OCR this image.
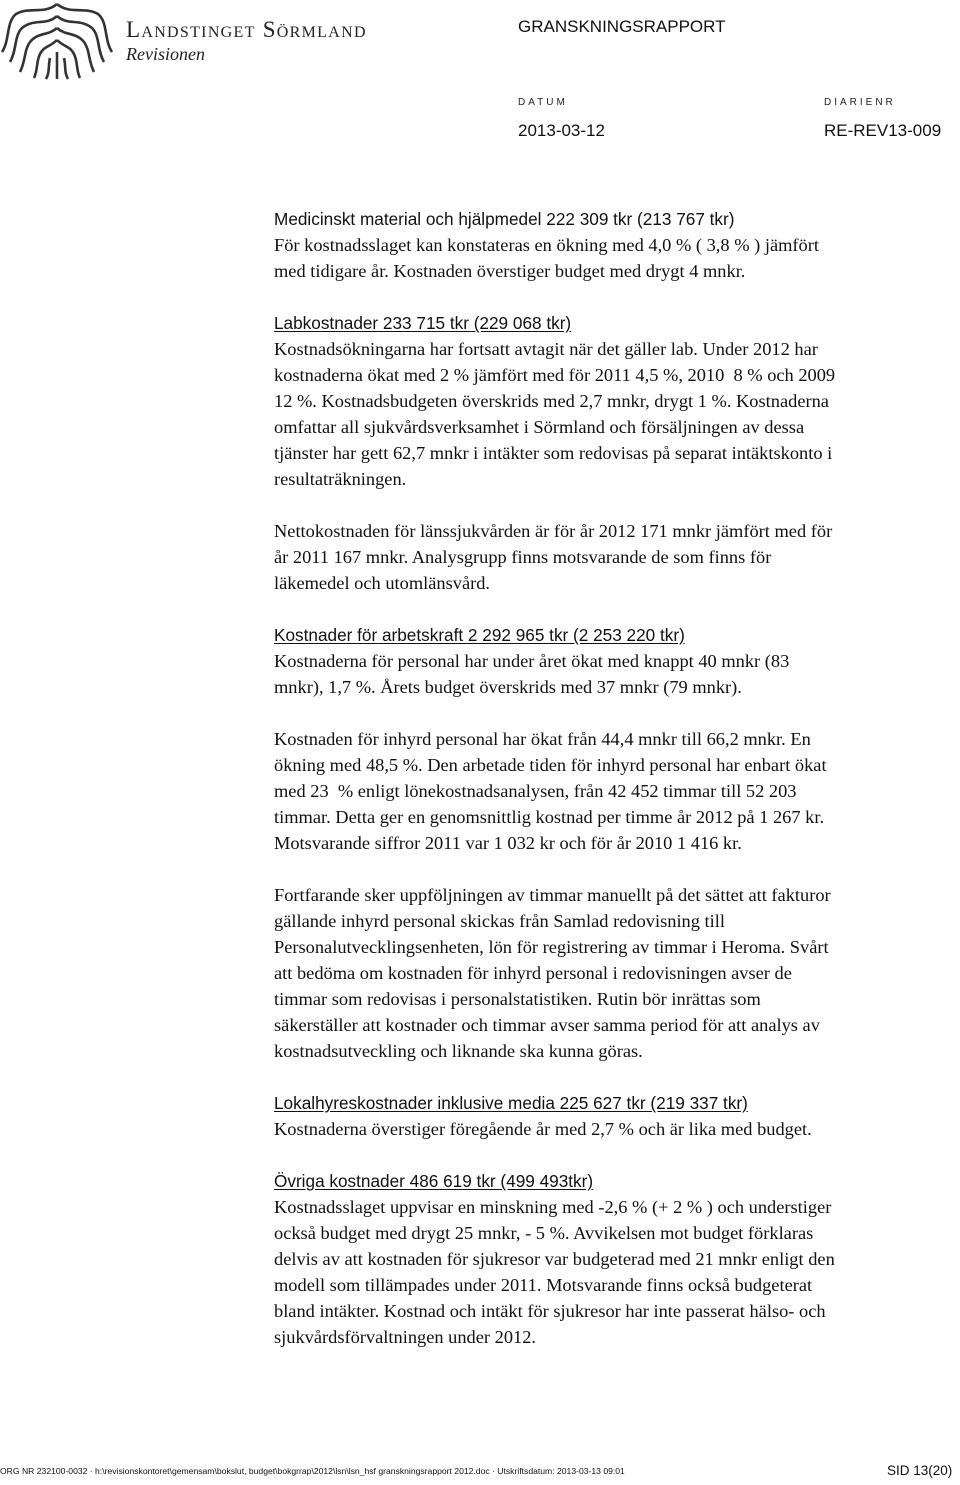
Landstinget Sörmland
Revisionen
GRANSKNINGSRAPPORT
DATUM	DIARIENR
2013-03-12	RE-REV13-009
Medicinskt material och hjälpmedel 222 309 tkr (213 767 tkr)

För kostnadsslaget kan konstateras en ökning med 4,0 % ( 3,8 % ) jämfört

med tidigare år. Kostnaden överstiger budget med drygt 4 mnkr.

Labkostnader 233 715 tkr (229 068 tkr)

Kostnadsökningarna har fortsatt avtagit när det gäller lab. Under 2012 har

kostnaderna ökat med 2 % jämfört med för 2011 4,5 %, 2010  8 % och 2009

12 %. Kostnadsbudgeten överskrids med 2,7 mnkr, drygt 1 %. Kostnaderna

omfattar all sjukvårdsverksamhet i Sörmland och försäljningen av dessa

tjänster har gett 62,7 mnkr i intäkter som redovisas på separat intäktskonto i

resultaträkningen.

Nettokostnaden för länssjukvården är för år 2012 171 mnkr jämfört med för

år 2011 167 mnkr. Analysgrupp finns motsvarande de som finns för

läkemedel och utomlänsvård.

Kostnader för arbetskraft 2 292 965 tkr (2 253 220 tkr)

Kostnaderna för personal har under året ökat med knappt 40 mnkr (83

mnkr), 1,7 %. Årets budget överskrids med 37 mnkr (79 mnkr).

Kostnaden för inhyrd personal har ökat från 44,4 mnkr till 66,2 mnkr. En

ökning med 48,5 %. Den arbetade tiden för inhyrd personal har enbart ökat

med 23  % enligt lönekostnadsanalysen, från 42 452 timmar till 52 203

timmar. Detta ger en genomsnittlig kostnad per timme år 2012 på 1 267 kr.

Motsvarande siffror 2011 var 1 032 kr och för år 2010 1 416 kr.

Fortfarande sker uppföljningen av timmar manuellt på det sättet att fakturor

gällande inhyrd personal skickas från Samlad redovisning till

Personalutvecklingsenheten, lön för registrering av timmar i Heroma. Svårt

att bedöma om kostnaden för inhyrd personal i redovisningen avser de

timmar som redovisas i personalstatistiken. Rutin bör inrättas som

säkerställer att kostnader och timmar avser samma period för att analys av

kostnadsutveckling och liknande ska kunna göras.

Lokalhyreskostnader inklusive media 225 627 tkr (219 337 tkr)

Kostnaderna överstiger föregående år med 2,7 % och är lika med budget.

Övriga kostnader 486 619 tkr (499 493tkr)

Kostnadsslaget uppvisar en minskning med -2,6 % (+ 2 % ) och understiger

också budget med drygt 25 mnkr, - 5 %. Avvikelsen mot budget förklaras

delvis av att kostnaden för sjukresor var budgeterad med 21 mnkr enligt den

modell som tillämpades under 2011. Motsvarande finns också budgeterat

bland intäkter. Kostnad och intäkt för sjukresor har inte passerat hälso- och

sjukvårdsförvaltningen under 2012.

ORG NR 232100-0032 · h:\revisionskontoret\gemensam\bokslut, budget\bokgrrap\2012\lsn\lsn_hsf granskningsrapport 2012.doc · Utskriftsdatum: 2013-03-13 09:01	SID 13(20)
